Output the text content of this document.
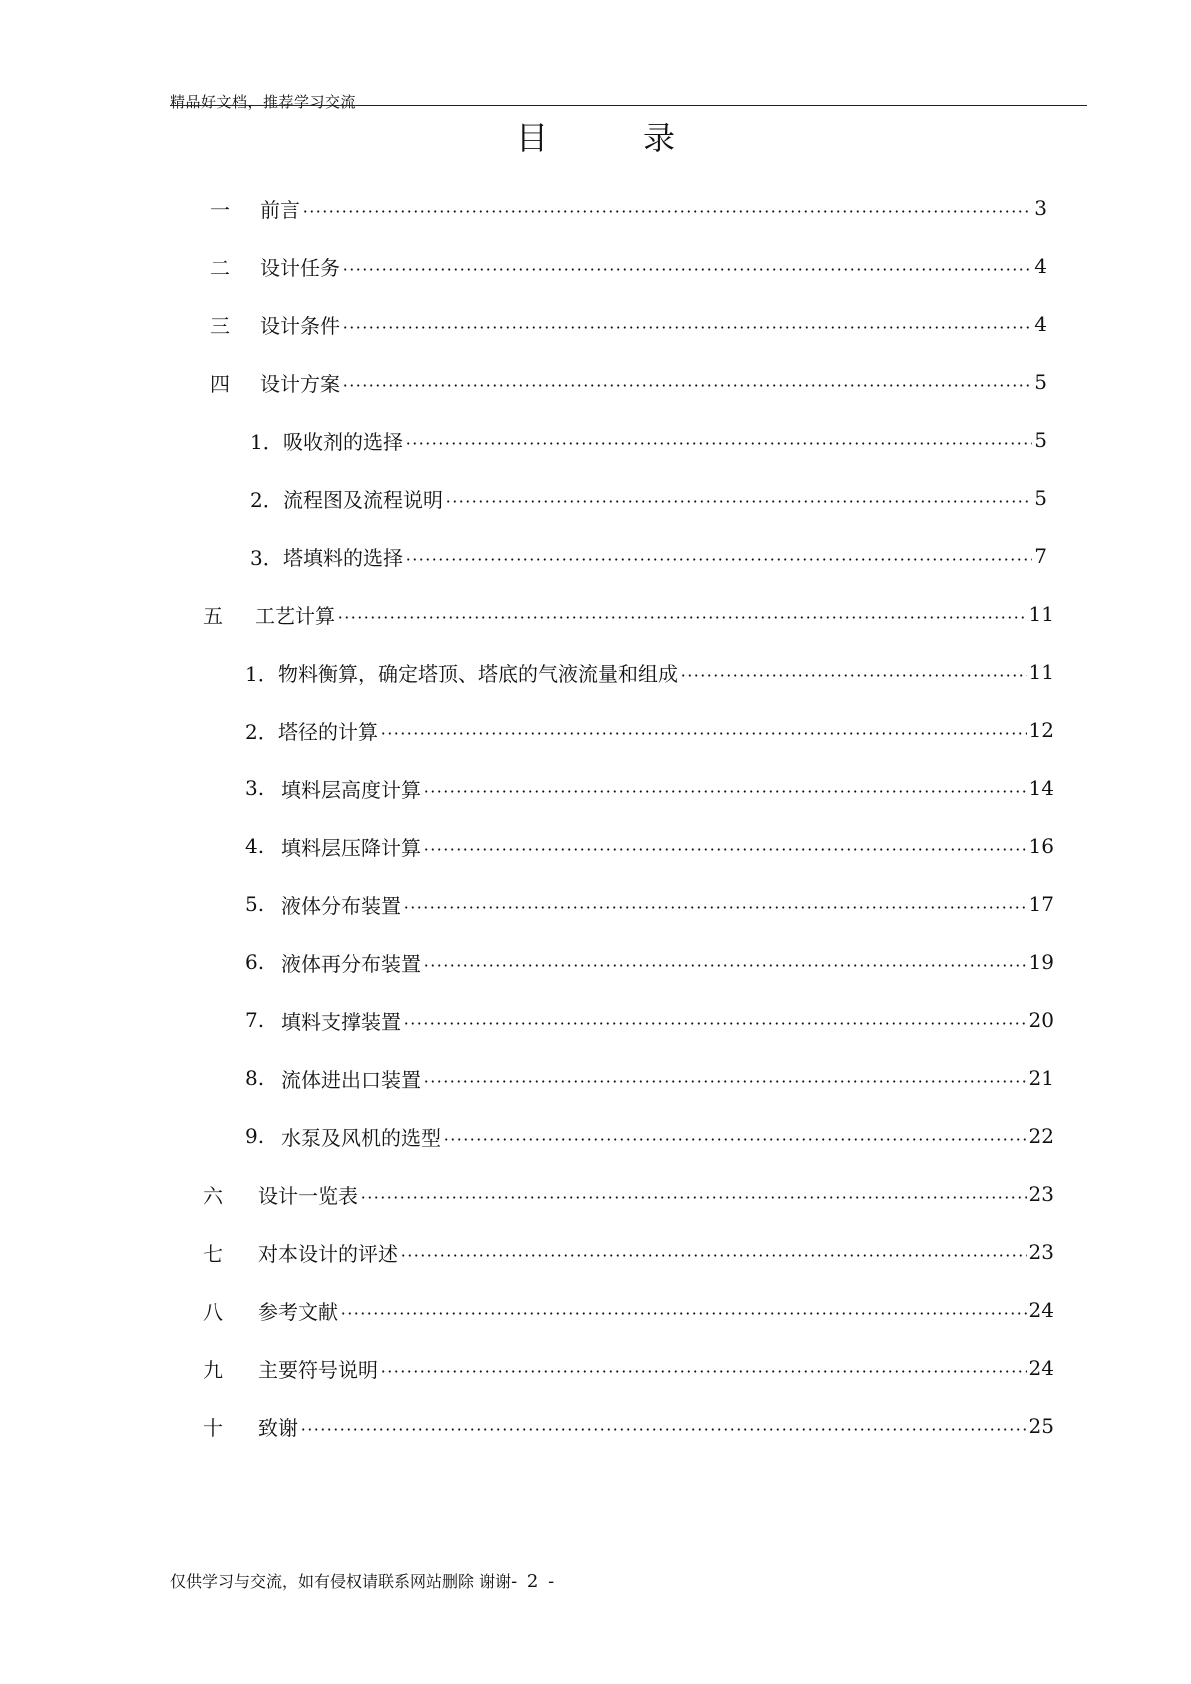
精品好文档，推荐学习交流
目	录
一	前言	3
二	设计任务	4
三	设计条件	4
四	设计方案	5
1． 吸收剂的选择	5
2． 流程图及流程说明	5
3． 塔填料的选择	7
五	工艺计算	11
1． 物料衡算，确定塔顶、塔底的气液流量和组成	11
2． 塔径的计算	12
3. 填料层高度计算	14
4. 填料层压降计算	16
5. 液体分布装置	17
6. 液体再分布装置	19
7. 填料支撑装置	20
8. 流体进出口装置	21
9. 水泵及风机的选型	22
六	设计一览表	23
七	对本设计的评述	23
八	参考文献	24
九	主要符号说明	24
十	致谢	25
仅供学习与交流，如有侵权请联系网站删除 谢谢- 2 -
